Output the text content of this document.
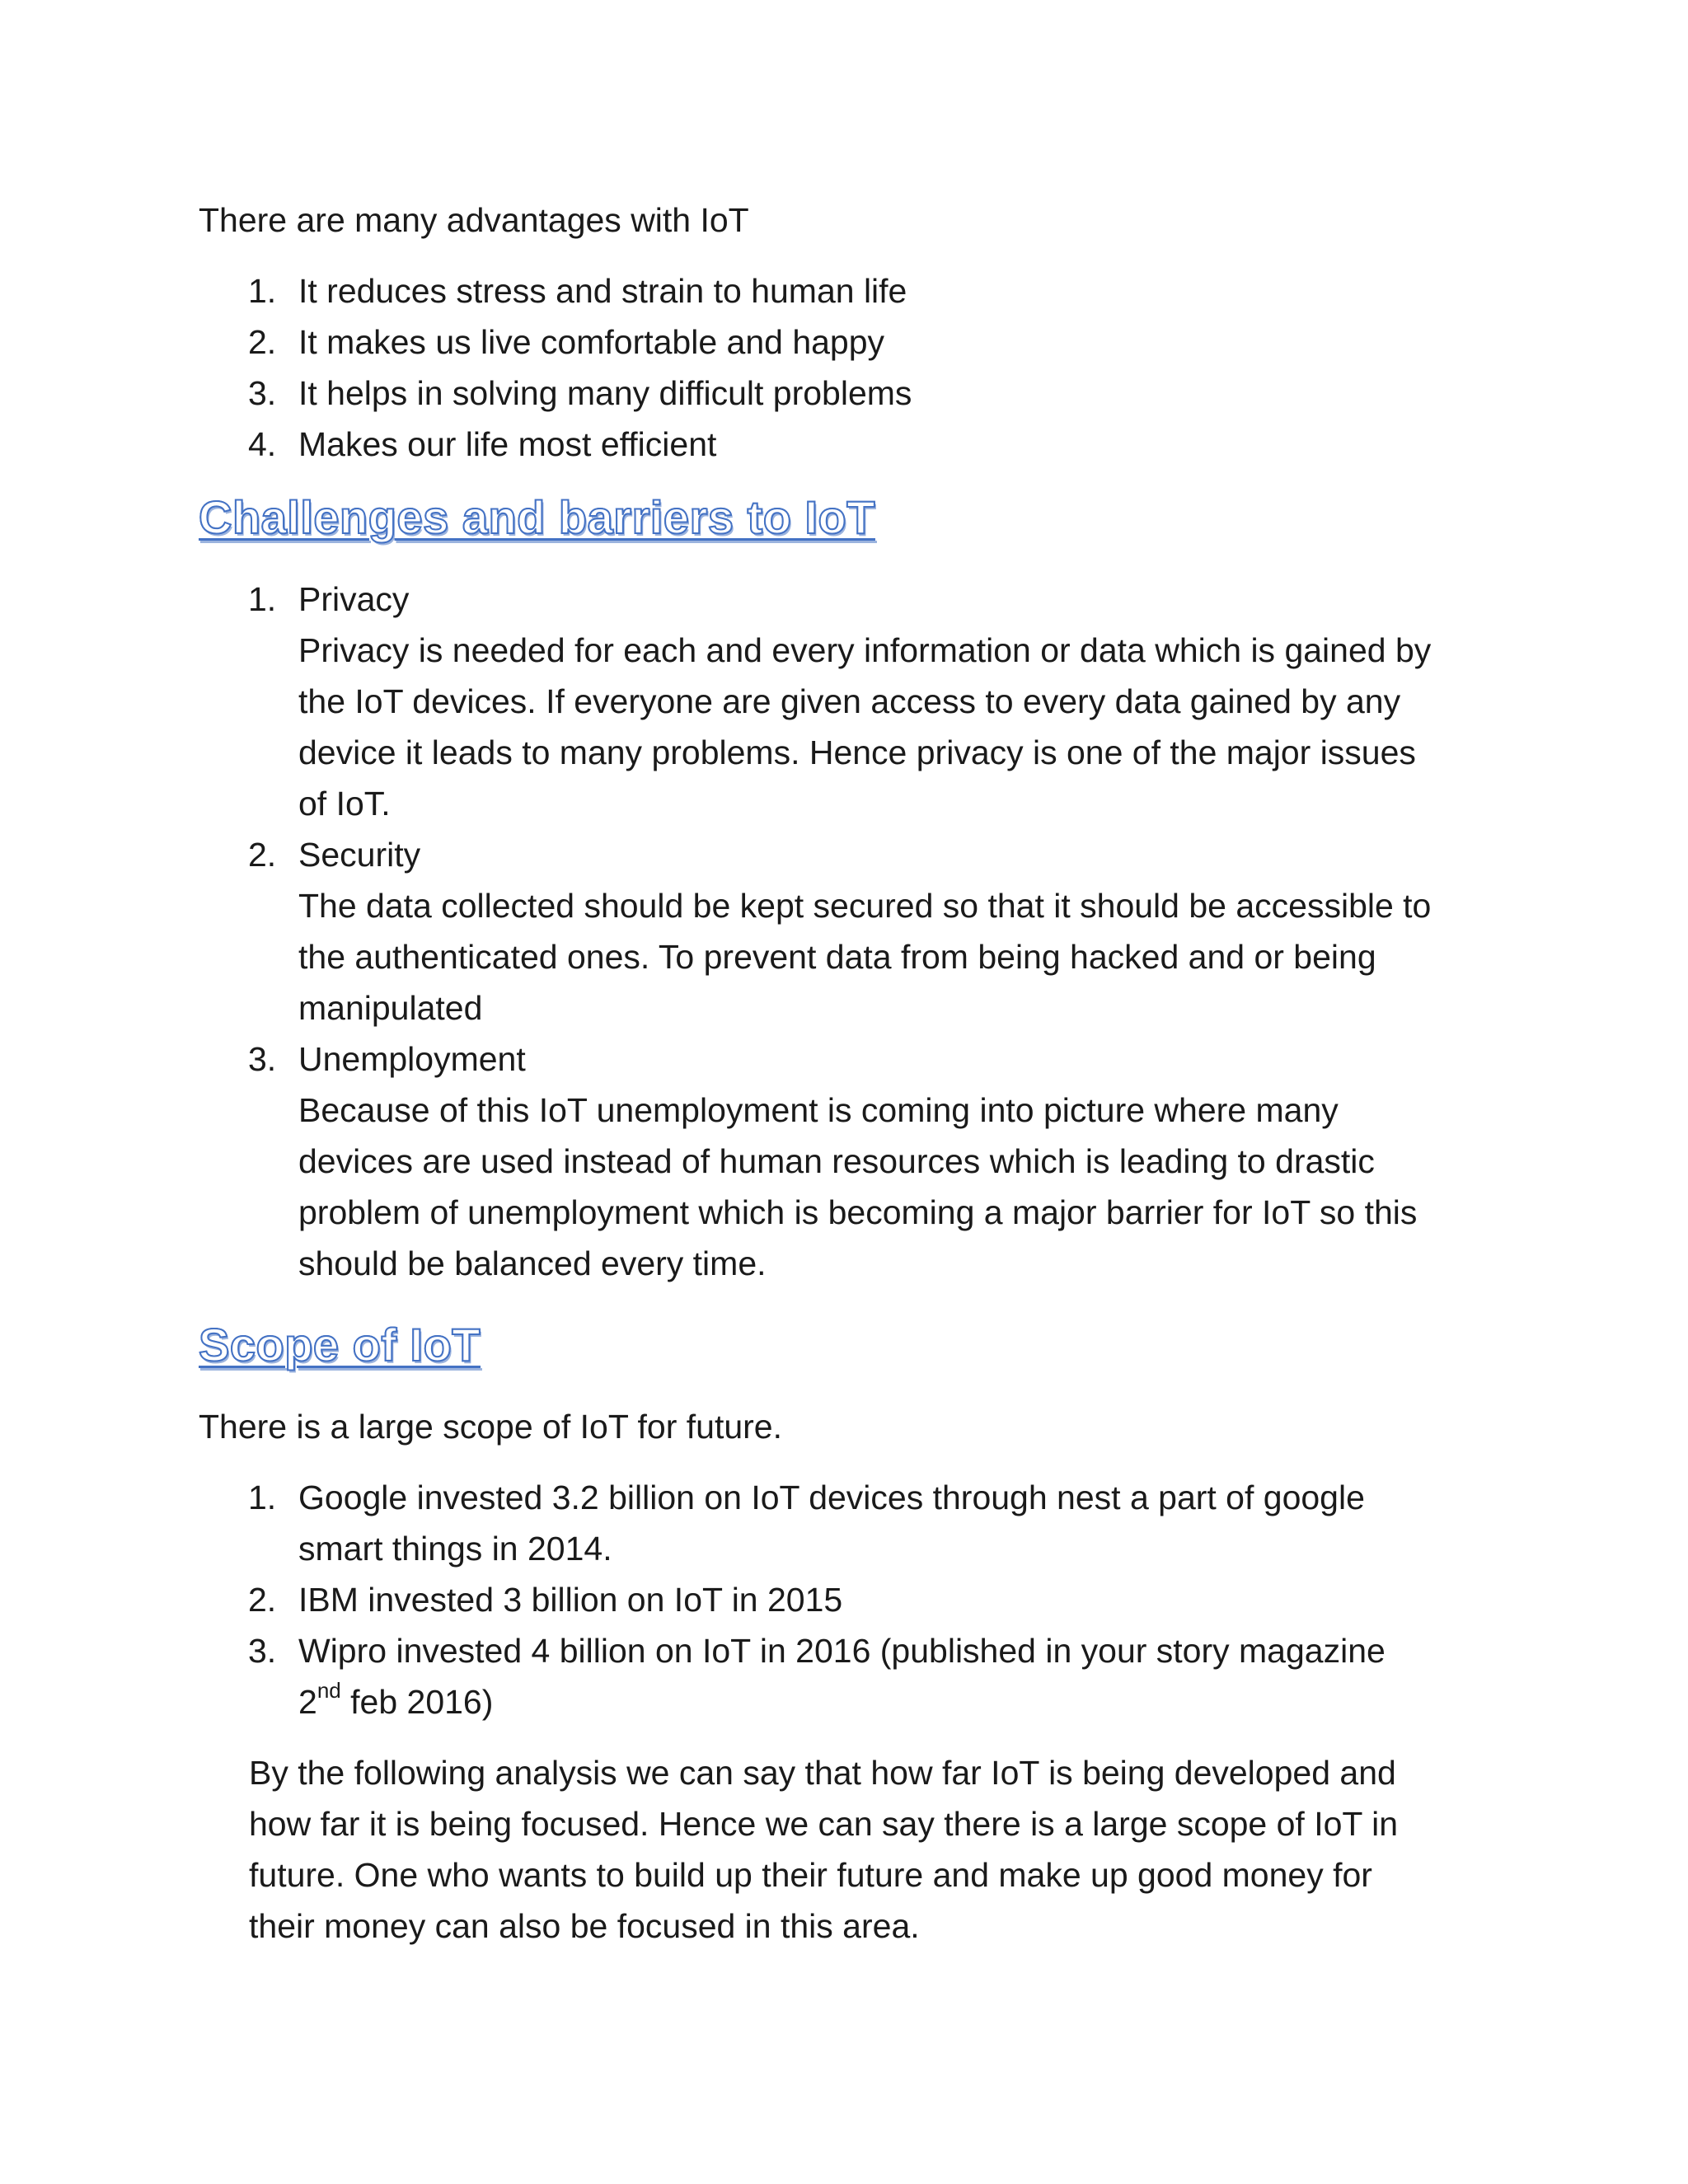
There are many advantages with IoT

1. It reduces stress and strain to human life
2. It makes us live comfortable and happy
3. It helps in solving many difficult problems
4. Makes our life most efficient
Challenges and barriers to IoT
1. Privacy
Privacy is needed for each and every information or data which is gained by
the IoT devices. If everyone are given access to every data gained by any
device it leads to many problems. Hence privacy is one of the major issues
of IoT.
2. Security
The data collected should be kept secured so that it should be accessible to
the authenticated ones. To prevent data from being hacked and or being
manipulated
3. Unemployment
Because of this IoT unemployment is coming into picture where many
devices are used instead of human resources which is leading to drastic
problem of unemployment which is becoming a major barrier for IoT so this
should be balanced every time.
Scope of IoT

There is a large scope of IoT for future.

1. Google invested 3.2 billion on IoT devices through nest a part of google
smart things in 2014.
2. IBM invested 3 billion on IoT in 2015
3. Wipro invested 4 billion on IoT in 2016 (published in your story magazine
2nd feb 2016)

By the following analysis we can say that how far IoT is being developed and

how far it is being focused. Hence we can say there is a large scope of IoT in

future. One who wants to build up their future and make up good money for

their money can also be focused in this area.
